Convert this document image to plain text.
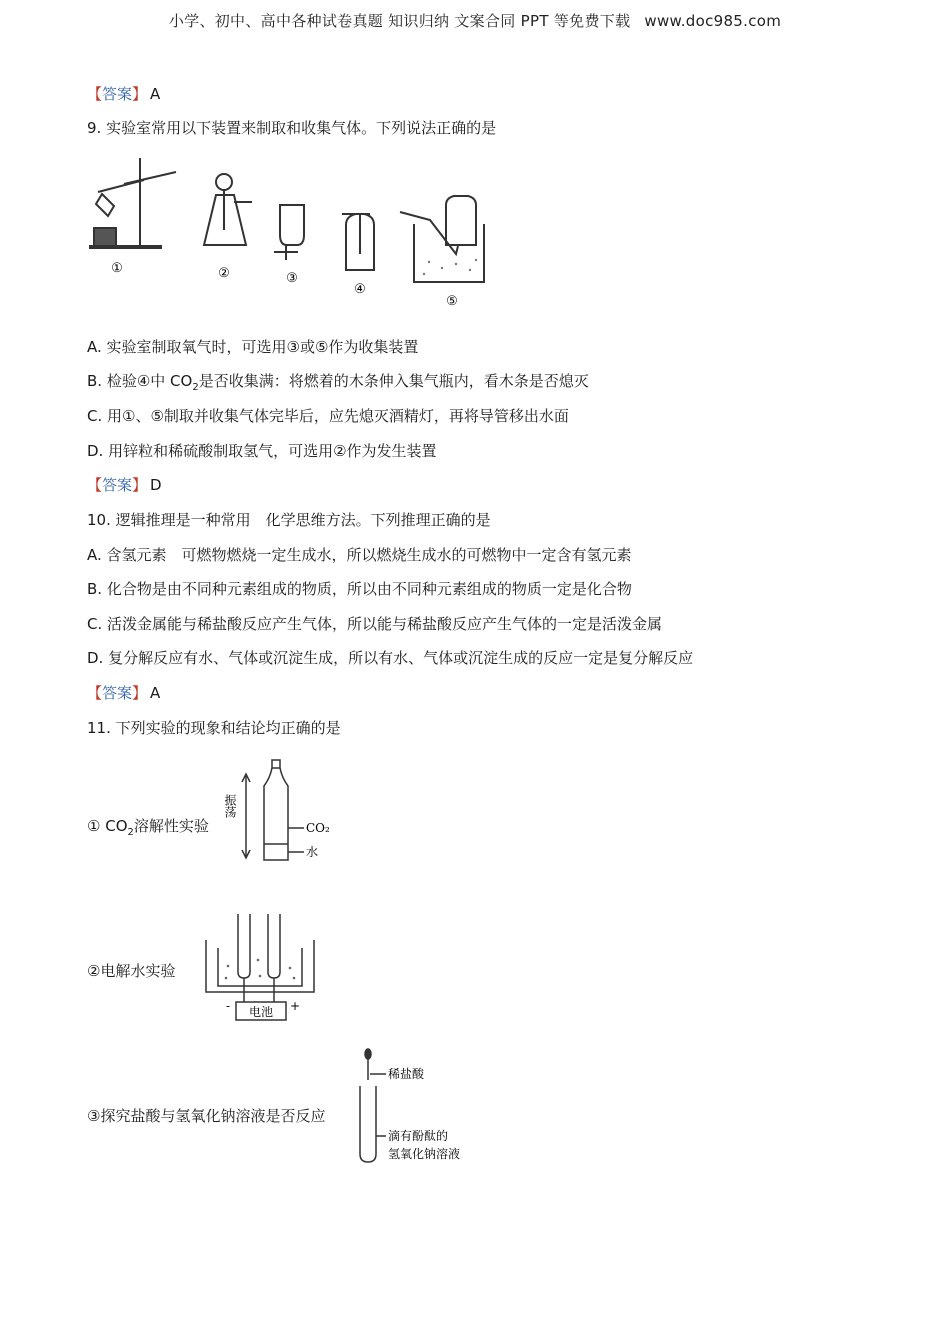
小学、初中、高中各种试卷真题 知识归纳 文案合同 PPT 等免费下载 www.doc985.com
【答案】 A
9. 实验室常用以下装置来制取和收集气体。下列说法正确的是
①	②	③
④
⑤
A. 实验室制取氧气时，可选用③或⑤作为收集装置
B. 检验④中 $CO_2$是否收集满：将燃着的木条伸入集气瓶内，看木条是否熄灭
C. 用①、⑤制取并收集气体完毕后，应先熄灭酒精灯，再将导管移出水面
D. 用锌粒和稀硫酸制取氢气，可选用②作为发生装置
【答案】 D
10. 逻辑推理是一种常用　化学思维方法。下列推理正确的是
A. 含氢元素　可燃物燃烧一定生成水，所以燃烧生成水的可燃物中一定含有氢元素
B. 化合物是由不同种元素组成的物质，所以由不同种元素组成的物质一定是化合物
C. 活泼金属能与稀盐酸反应产生气体，所以能与稀盐酸反应产生气体的一定是活泼金属
D. 复分解反应有水、气体或沉淀生成，所以有水、气体或沉淀生成的反应一定是复分解反应
【答案】 A
11. 下列实验的现象和结论均正确的是
① $CO_2$溶解性实验
振荡
CO₂
水
②电解水实验
电池
-	+
③探究盐酸与氢氧化钠溶液是否反应
稀盐酸
滴有酚酞的
氢氧化钠溶液
